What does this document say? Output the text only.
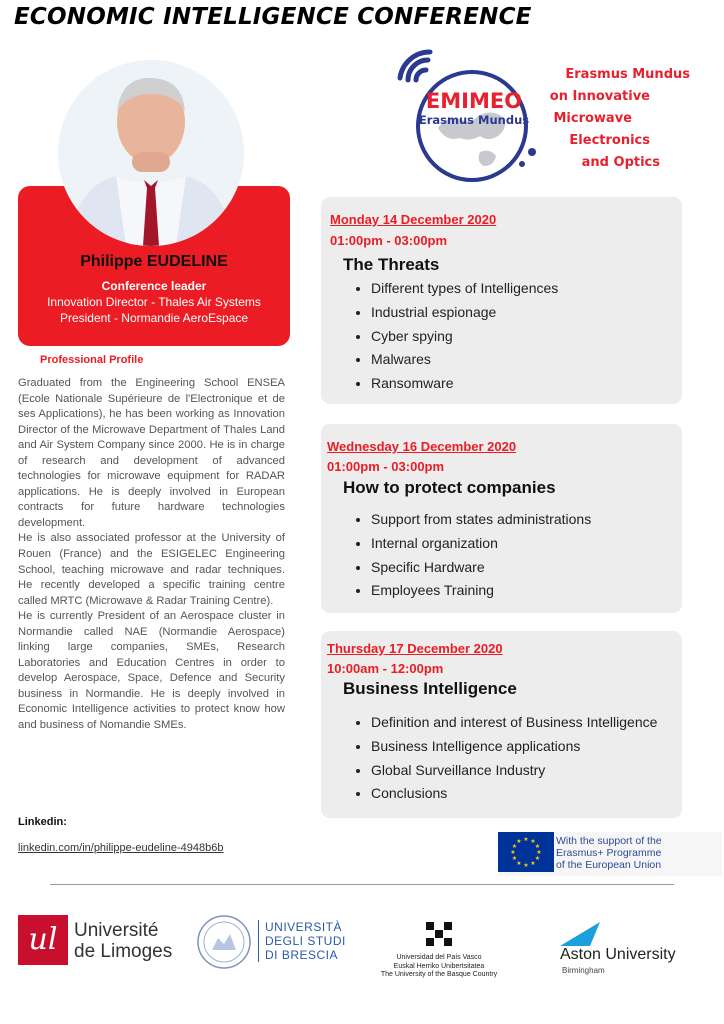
ECONOMIC INTELLIGENCE CONFERENCE
EMIMEO
Erasmus Mundus
Erasmus Mundus
on Innovative
Microwave
Electronics
and Optics
Philippe EUDELINE
Conference leader
Innovation Director - Thales Air Systems
President - Normandie AeroEspace
Professional Profile

Graduated from the Engineering School ENSEA (Ecole Nationale Supérieure de l'Electronique et de ses Applications), he has been working as Innovation Director of the Microwave Department of Thales Land and Air System Company since 2000. He is in charge of research and development of advanced technologies for microwave equipment for RADAR applications. He is deeply involved in European contracts for future hardware technologies development.

He is also associated professor at the University of Rouen (France) and the ESIGELEC Engineering School, teaching microwave and radar techniques. He recently developed a specific training centre called MRTC (Microwave & Radar Training Centre).

He is currently President of an Aerospace cluster in Normandie called NAE (Normandie Aerospace) linking large companies, SMEs, Research Laboratories and Education Centres in order to develop Aerospace, Space, Defence and Security business in Normandie. He is deeply involved in Economic Intelligence activities to protect know how and business of Nomandie SMEs.

Linkedin:
linkedin.com/in/philippe-eudeline-4948b6b
Monday 14 December 2020
01:00pm - 03:00pm
The Threats
• Different types of Intelligences
• Industrial espionage
• Cyber spying
• Malwares
• Ransomware
Wednesday 16 December 2020
01:00pm - 03:00pm
How to protect companies
• Support from states administrations
• Internal organization
• Specific Hardware
• Employees Training
Thursday 17 December 2020
10:00am - 12:00pm
Business Intelligence
• Definition and interest of Business Intelligence
• Business Intelligence applications
• Global Surveillance Industry
• Conclusions
★ ★
★
★
★
★
★
★
★
★
★
★	With the support of the
Erasmus+ Programme
of the European Union
ul Université
de Limoges
UNIVERSITÀ
DEGLI STUDI
DI BRESCIA	Universidad del País Vasco
Euskal Herriko Unibertsitatea
The University of the Basque Country
Aston University
Birmingham
